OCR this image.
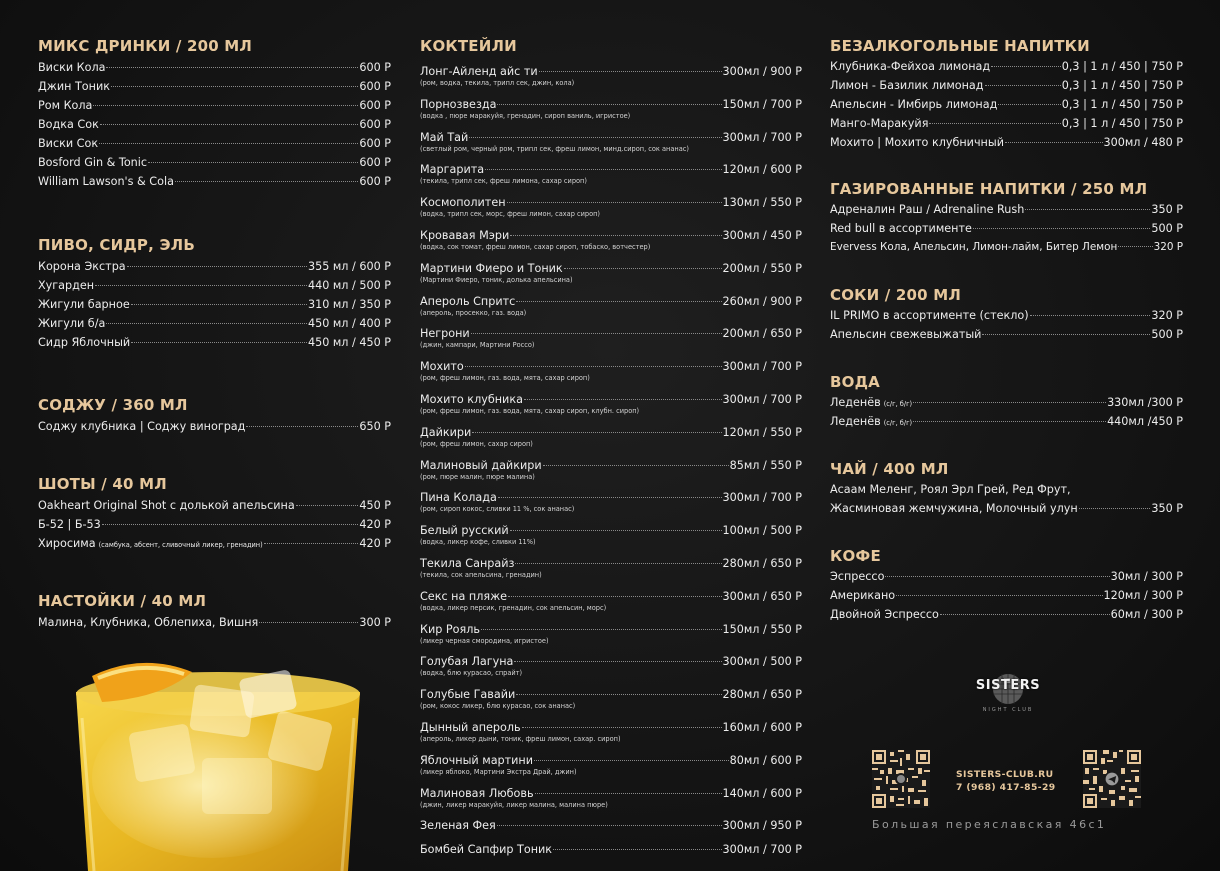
МИКС ДРИНКИ / 200 МЛ
Виски Кола	600 Р
Джин Тоник	600 Р
Ром Кола	600 Р
Водка Сок	600 Р
Виски Сок	600 Р
Bosford Gin & Tonic	600 Р
William Lawson's & Cola	600 Р
ПИВО, СИДР, ЭЛЬ
Корона Экстра	355 мл / 600 Р
Хугарден	440 мл / 500 Р
Жигули барное	310 мл / 350 Р
Жигули б/а	450 мл / 400 Р
Сидр Яблочный	450 мл / 450 Р
СОДЖУ / 360 МЛ
Соджу клубника | Соджу виноград	650 Р
ШОТЫ / 40 МЛ
Oakheart Original Shot с долькой апельсина	450 Р
Б-52 | Б-53	420 Р
Хиросима (самбука, абсент, сливочный ликер, гренадин)	420 Р
НАСТОЙКИ / 40 МЛ
Малина, Клубника, Облепиха, Вишня	300 Р
КОКТЕЙЛИ
Лонг-Айленд айс ти	300мл / 900 Р
(ром, водка, текила, трипл сек, джин, кола)
Порнозвезда	150мл / 700 Р
(водка , пюре маракуйя, гренадин, сироп ваниль, игристое)
Май Тай	300мл / 700 Р
(светлый ром, черный ром, трипл сек, фреш лимон, минд.сироп, сок ананас)
Маргарита	120мл / 600 Р
(текила, трипл сек, фреш лимона, сахар сироп)
Космополитен	130мл / 550 Р
(водка, трипл сек, морс, фреш лимон, сахар сироп)
Кровавая Мэри	300мл / 450 Р
(водка, сок томат, фреш лимон, сахар сироп, тобаско, вотчестер)
Мартини Фиеро и Тоник	200мл / 550 Р
(Мартини Фиеро, тоник, долька апельсина)
Апероль Спритс	260мл / 900 Р
(апероль, просекко, газ. вода)
Негрони	200мл / 650 Р
(джин, кампари, Мартини Россо)
Мохито	300мл / 700 Р
(ром, фреш лимон, газ. вода, мята, сахар сироп)
Мохито клубника	300мл / 700 Р
(ром, фреш лимон, газ. вода, мята, сахар сироп, клубн. сироп)
Дайкири	120мл / 550 Р
(ром, фреш лимон, сахар сироп)
Малиновый дайкири	85мл / 550 Р
(ром, пюре малин, пюре малина)
Пина Колада	300мл / 700 Р
(ром, сироп кокос, сливки 11 %, сок ананас)
Белый русский	100мл / 500 Р
(водка, ликер кофе, сливки 11%)
Текила Санрайз	280мл / 650 Р
(текила, сок апельсина, гренадин)
Секс на пляже	300мл / 650 Р
(водка, ликер персик, гренадин, сок апельсин, морс)
Кир Рояль	150мл / 550 Р
(ликер черная смородина, игристое)
Голубая Лагуна	300мл / 500 Р
(водка, блю курасао, спрайт)
Голубые Гавайи	280мл / 650 Р
(ром, кокос ликер, блю курасао, сок ананас)
Дынный апероль	160мл / 600 Р
(апероль, ликер дыни, тоник, фреш лимон, сахар. сироп)
Яблочный мартини	80мл / 600 Р
(ликер яблоко, Мартини Экстра Драй, джин)
Малиновая Любовь	140мл / 600 Р
(джин, ликер маракуйя, ликер малина, малина пюре)
Зеленая Фея	300мл / 950 Р
Бомбей Сапфир Тоник	300мл / 700 Р
БЕЗАЛКОГОЛЬНЫЕ НАПИТКИ
Клубника-Фейхоа лимонад	0,3 | 1 л / 450 | 750 Р
Лимон - Базилик лимонад	0,3 | 1 л / 450 | 750 Р
Апельсин - Имбирь лимонад	0,3 | 1 л / 450 | 750 Р
Манго-Маракуйя	0,3 | 1 л / 450 | 750 Р
Мохито | Мохито клубничный	300мл / 480 Р
ГАЗИРОВАННЫЕ НАПИТКИ / 250 МЛ
Адреналин Раш / Adrenaline Rush	350 Р
Red bull в ассортименте	500 Р
Evervess Кола, Апельсин, Лимон-лайм, Битер Лемон	320 Р
СОКИ / 200 МЛ
IL PRIMO в ассортименте (стекло)	320 Р
Апельсин свежевыжатый	500 Р
ВОДА
Леденёв (с/г, б/г)	330мл /300 Р
Леденёв (с/г, б/г)	440мл /450 Р
ЧАЙ / 400 МЛ
Асаам Меленг, Роял Эрл Грей, Ред Фрут,
Жасминовая жемчужина, Молочный улун	350 Р
КОФЕ
Эспрессо	30мл / 300 Р
Американо	120мл / 300 Р
Двойной Эспрессо	60мл / 300 Р
SISTERS
NIGHT CLUB
SISTERS-CLUB.RU
7 (968) 417-85-29
Большая переяславская 46с1
